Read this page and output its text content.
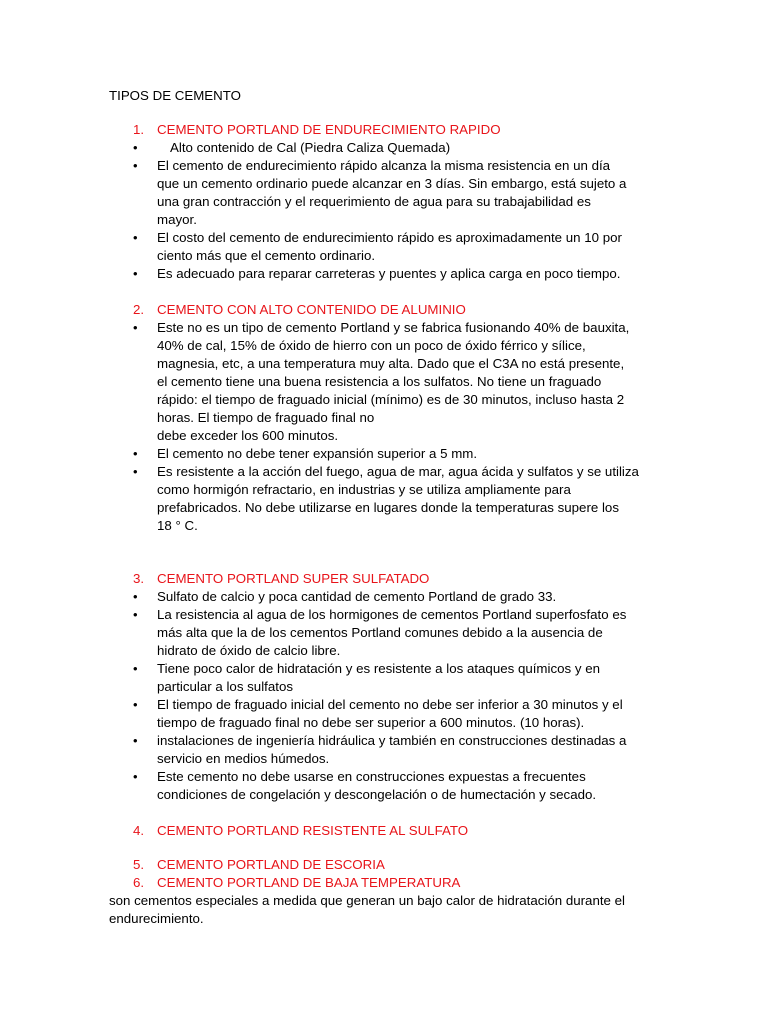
TIPOS DE CEMENTO
1. CEMENTO PORTLAND DE ENDURECIMIENTO RAPIDO
• Alto contenido de Cal (Piedra Caliza Quemada)
• El cemento de endurecimiento rápido alcanza la misma resistencia en un día
que un cemento ordinario puede alcanzar en 3 días. Sin embargo, está sujeto a
una gran contracción y el requerimiento de agua para su trabajabilidad es
mayor.
• El costo del cemento de endurecimiento rápido es aproximadamente un 10 por
ciento más que el cemento ordinario.
• Es adecuado para reparar carreteras y puentes y aplica carga en poco tiempo.
2. CEMENTO CON ALTO CONTENIDO DE ALUMINIO
• Este no es un tipo de cemento Portland y se fabrica fusionando 40% de bauxita,
40% de cal, 15% de óxido de hierro con un poco de óxido férrico y sílice,
magnesia, etc, a una temperatura muy alta. Dado que el C3A no está presente,
el cemento tiene una buena resistencia a los sulfatos. No tiene un fraguado
rápido: el tiempo de fraguado inicial (mínimo) es de 30 minutos, incluso hasta 2
horas. El tiempo de fraguado final no
debe exceder los 600 minutos.
• El cemento no debe tener expansión superior a 5 mm.
• Es resistente a la acción del fuego, agua de mar, agua ácida y sulfatos y se utiliza
como hormigón refractario, en industrias y se utiliza ampliamente para
prefabricados. No debe utilizarse en lugares donde la temperaturas supere los
18 ° C.
3. CEMENTO PORTLAND SUPER SULFATADO
• Sulfato de calcio y poca cantidad de cemento Portland de grado 33.
• La resistencia al agua de los hormigones de cementos Portland superfosfato es
más alta que la de los cementos Portland comunes debido a la ausencia de
hidrato de óxido de calcio libre.
• Tiene poco calor de hidratación y es resistente a los ataques químicos y en
particular a los sulfatos
• El tiempo de fraguado inicial del cemento no debe ser inferior a 30 minutos y el
tiempo de fraguado final no debe ser superior a 600 minutos. (10 horas).
• instalaciones de ingeniería hidráulica y también en construcciones destinadas a
servicio en medios húmedos.
• Este cemento no debe usarse en construcciones expuestas a frecuentes
condiciones de congelación y descongelación o de humectación y secado.
4. CEMENTO PORTLAND RESISTENTE AL SULFATO
5. CEMENTO PORTLAND DE ESCORIA
6. CEMENTO PORTLAND DE BAJA TEMPERATURA
son cementos especiales a medida que generan un bajo calor de hidratación durante el
endurecimiento.
